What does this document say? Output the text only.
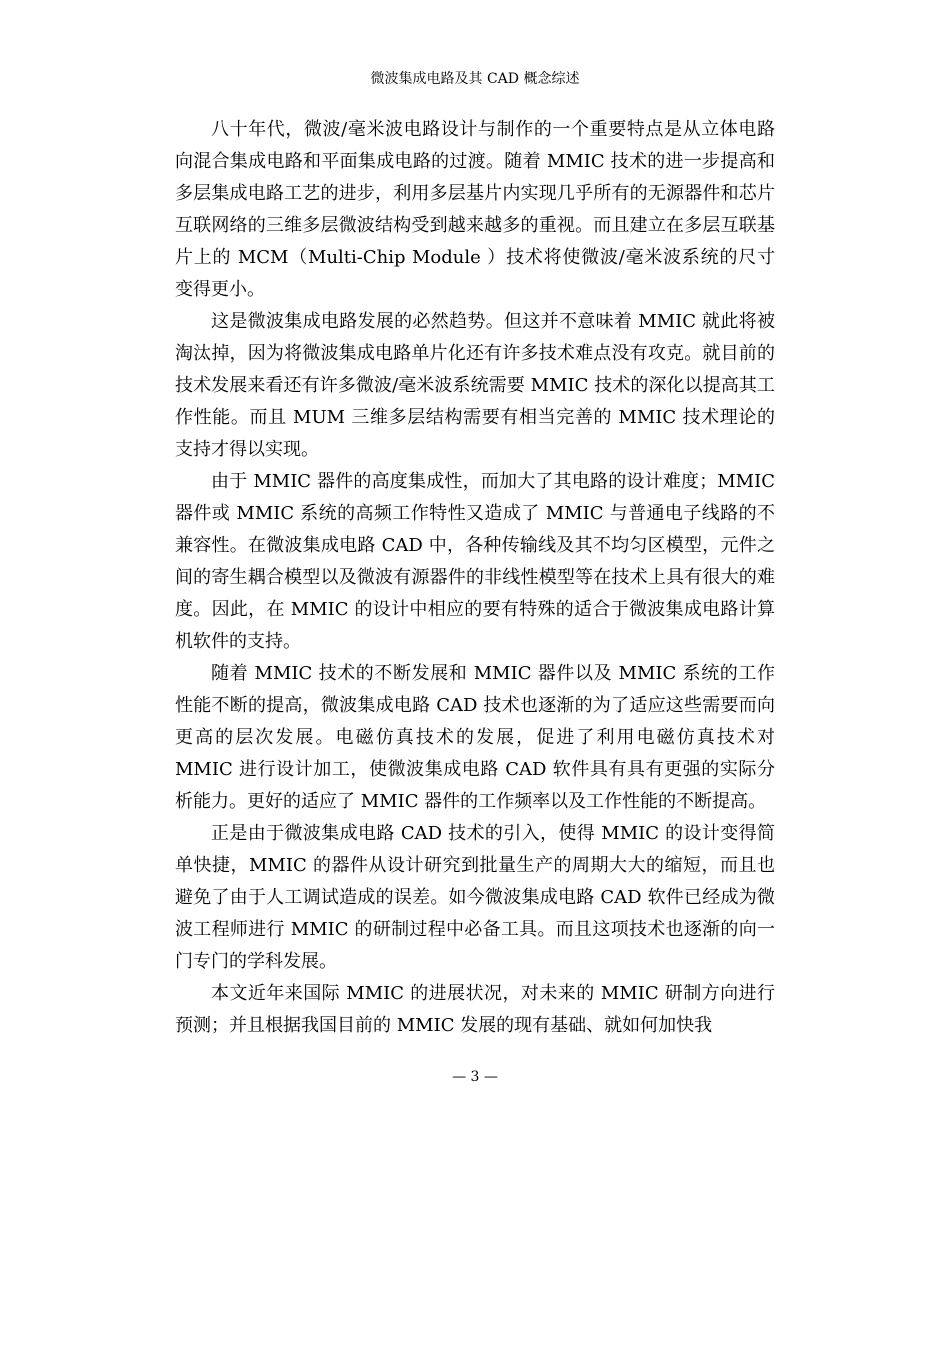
微波集成电路及其 CAD 概念综述

八十年代，微波/毫米波电路设计与制作的一个重要特点是从立体电路向混合集成电路和平面集成电路的过渡。随着 MMIC 技术的进一步提高和多层集成电路工艺的进步，利用多层基片内实现几乎所有的无源器件和芯片互联网络的三维多层微波结构受到越来越多的重视。而且建立在多层互联基片上的 MCM（Multi-Chip Module ）技术将使微波/毫米波系统的尺寸变得更小。

这是微波集成电路发展的必然趋势。但这并不意味着 MMIC 就此将被淘汰掉，因为将微波集成电路单片化还有许多技术难点没有攻克。就目前的技术发展来看还有许多微波/毫米波系统需要 MMIC 技术的深化以提高其工作性能。而且 MUM 三维多层结构需要有相当完善的 MMIC 技术理论的支持才得以实现。

由于 MMIC 器件的高度集成性，而加大了其电路的设计难度；MMIC 器件或 MMIC 系统的高频工作特性又造成了 MMIC 与普通电子线路的不兼容性。在微波集成电路 CAD 中，各种传输线及其不均匀区模型，元件之间的寄生耦合模型以及微波有源器件的非线性模型等在技术上具有很大的难度。因此，在 MMIC 的设计中相应的要有特殊的适合于微波集成电路计算机软件的支持。

随着 MMIC 技术的不断发展和 MMIC 器件以及 MMIC 系统的工作性能不断的提高，微波集成电路 CAD 技术也逐渐的为了适应这些需要而向更高的层次发展。电磁仿真技术的发展，促进了利用电磁仿真技术对 MMIC 进行设计加工，使微波集成电路 CAD 软件具有具有更强的实际分析能力。更好的适应了 MMIC 器件的工作频率以及工作性能的不断提高。

正是由于微波集成电路 CAD 技术的引入，使得 MMIC 的设计变得简单快捷，MMIC 的器件从设计研究到批量生产的周期大大的缩短，而且也避免了由于人工调试造成的误差。如今微波集成电路 CAD 软件已经成为微波工程师进行 MMIC 的研制过程中必备工具。而且这项技术也逐渐的向一门专门的学科发展。

本文近年来国际 MMIC 的进展状况，对未来的 MMIC 研制方向进行预测；并且根据我国目前的 MMIC 发展的现有基础、就如何加快我

— 3 —
